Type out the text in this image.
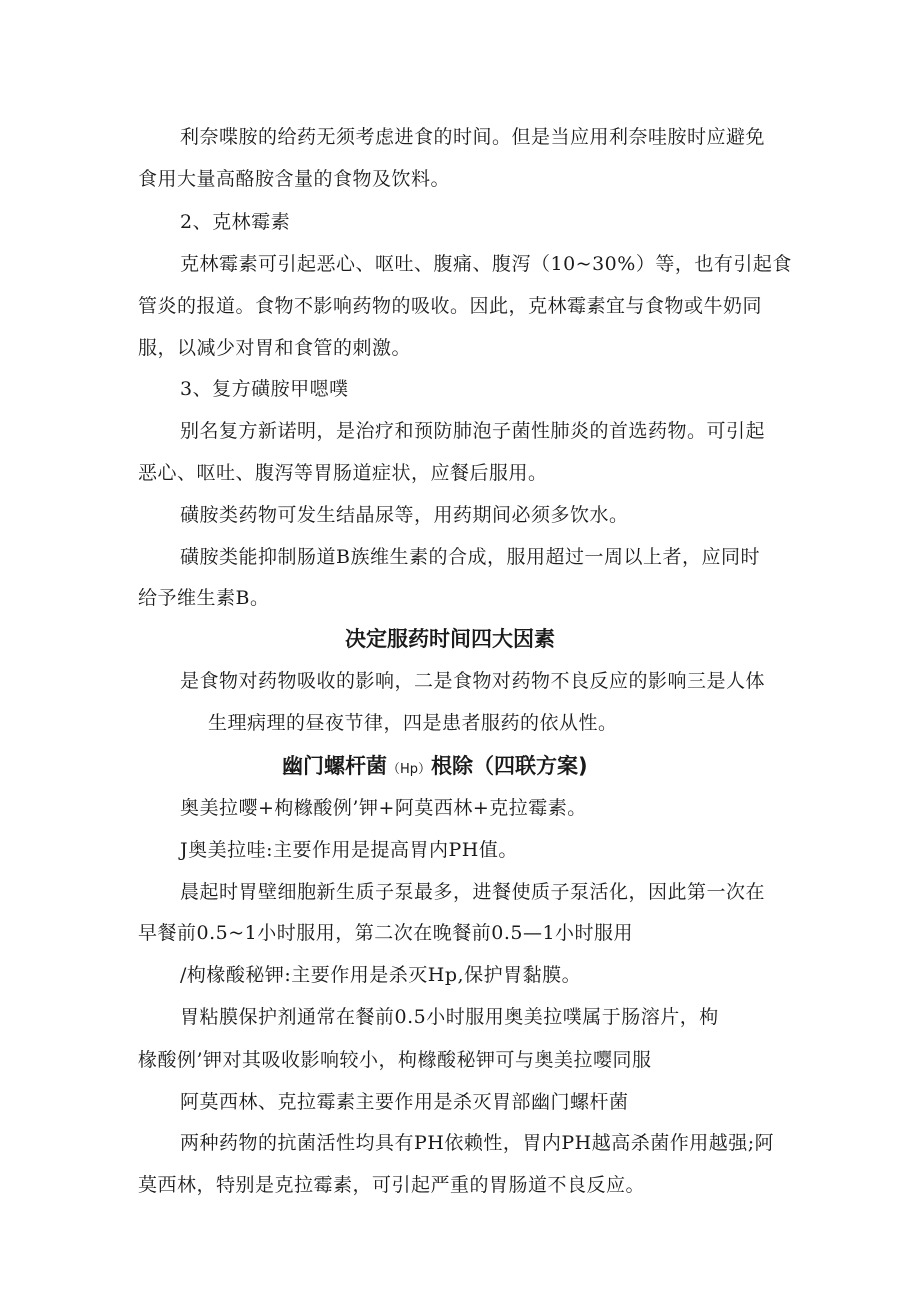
利奈喋胺的给药无须考虑进食的时间。但是当应用利奈哇胺时应避免
食用大量高酪胺含量的食物及饮料。
2、克林霉素
克林霉素可引起恶心、呕吐、腹痛、腹泻（10~30%）等，也有引起食
管炎的报道。食物不影响药物的吸收。因此，克林霉素宜与食物或牛奶同
服，以减少对胃和食管的刺激。
3、复方磺胺甲嗯噗
别名复方新诺明，是治疗和预防肺泡子菌性肺炎的首选药物。可引起
恶心、呕吐、腹泻等胃肠道症状，应餐后服用。
磺胺类药物可发生结晶尿等，用药期间必须多饮水。
磺胺类能抑制肠道B族维生素的合成，服用超过一周以上者，应同时
给予维生素B。
决定服药时间四大因素
是食物对药物吸收的影响，二是食物对药物不良反应的影响三是人体
生理病理的昼夜节律，四是患者服药的依从性。
幽门螺杆菌（Hp）根除（四联方案)
奥美拉嘤+枸橼酸例’钾+阿莫西林+克拉霉素。
J奥美拉哇:主要作用是提高胃内PH值。
晨起时胃壁细胞新生质子泵最多，进餐使质子泵活化，因此第一次在
早餐前0.5~1小时服用，第二次在晚餐前0.5—1小时服用
/枸椽酸秘钾:主要作用是杀灭Hp,保护胃黏膜。
胃粘膜保护剂通常在餐前0.5小时服用奥美拉噗属于肠溶片，枸
椽酸例’钾对其吸收影响较小，枸橼酸秘钾可与奥美拉嘤同服
阿莫西林、克拉霉素主要作用是杀灭胃部幽门螺杆菌
两种药物的抗菌活性均具有PH依赖性，胃内PH越高杀菌作用越强;阿
莫西林，特别是克拉霉素，可引起严重的胃肠道不良反应。
